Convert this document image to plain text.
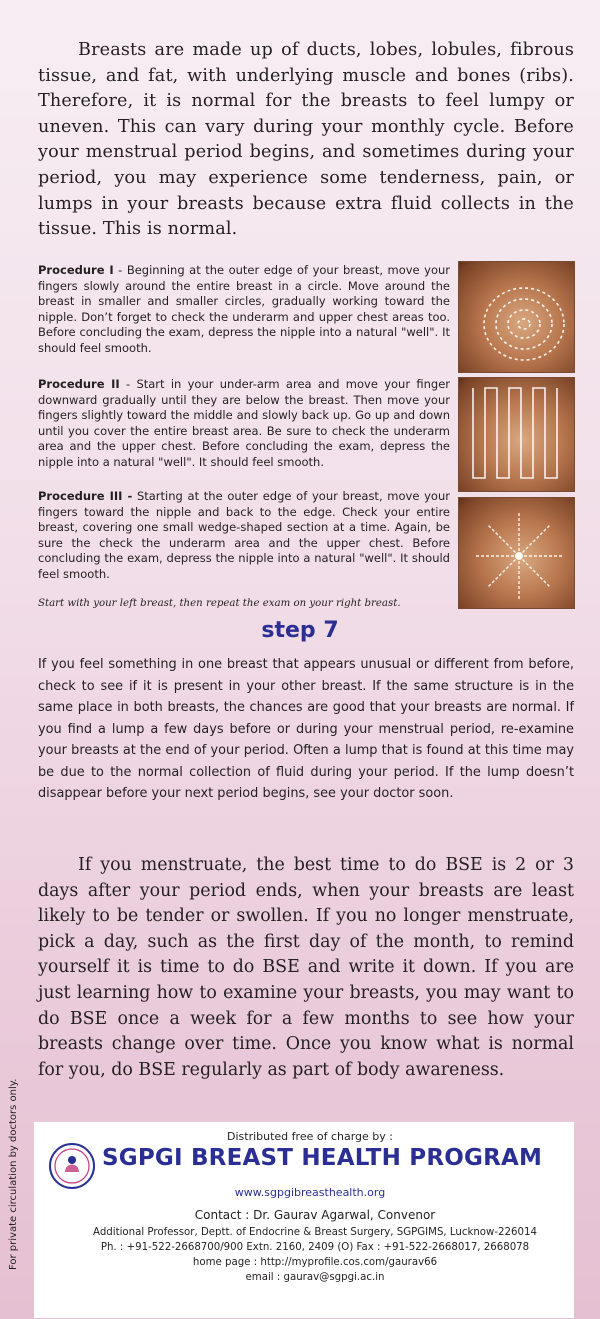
Breasts are made up of ducts, lobes, lobules, fibrous tissue, and fat, with underlying muscle and bones (ribs). Therefore, it is normal for the breasts to feel lumpy or uneven. This can vary during your monthly cycle. Before your menstrual period begins, and sometimes during your period, you may experience some tenderness, pain, or lumps in your breasts because extra fluid collects in the tissue. This is normal.
Procedure I - Beginning at the outer edge of your breast, move your fingers slowly around the entire breast in a circle. Move around the breast in smaller and smaller circles, gradually working toward the nipple. Don’t forget to check the underarm and upper chest areas too. Before concluding the exam, depress the nipple into a natural "well". It should feel smooth.
Procedure II - Start in your under-arm area and move your finger downward gradually until they are below the breast. Then move your fingers slightly toward the middle and slowly back up. Go up and down until you cover the entire breast area. Be sure to check the underarm area and the upper chest. Before concluding the exam, depress the nipple into a natural "well". It should feel smooth.
Procedure III - Starting at the outer edge of your breast, move your fingers toward the nipple and back to the edge. Check your entire breast, covering one small wedge-shaped section at a time. Again, be sure the check the underarm area and the upper chest. Before concluding the exam, depress the nipple into a natural "well". It should feel smooth.
Start with your left breast, then repeat the exam on your right breast.
step 7
If you feel something in one breast that appears unusual or different from before, check to see if it is present in your other breast. If the same structure is in the same place in both breasts, the chances are good that your breasts are normal. If you find a lump a few days before or during your menstrual period, re-examine your breasts at the end of your period. Often a lump that is found at this time may be due to the normal collection of fluid during your period. If the lump doesn’t disappear before your next period begins, see your doctor soon.
If you menstruate, the best time to do BSE is 2 or 3 days after your period ends, when your breasts are least likely to be tender or swollen. If you no longer menstruate, pick a day, such as the first day of the month, to remind yourself it is time to do BSE and write it down. If you are just learning how to examine your breasts, you may want to do BSE once a week for a few months to see how your breasts change over time. Once you know what is normal for you, do BSE regularly as part of body awareness.
For private circulation by doctors only.	Distributed free of charge by :
SGPGI BREAST HEALTH PROGRAM
www.sgpgibreasthealth.org
Contact : Dr. Gaurav Agarwal, Convenor
Additional Professor, Deptt. of Endocrine & Breast Surgery, SGPGIMS, Lucknow-226014
Ph. : +91-522-2668700/900 Extn. 2160, 2409 (O) Fax : +91-522-2668017, 2668078
home page : http://myprofile.cos.com/gaurav66
email : gaurav@sgpgi.ac.in
